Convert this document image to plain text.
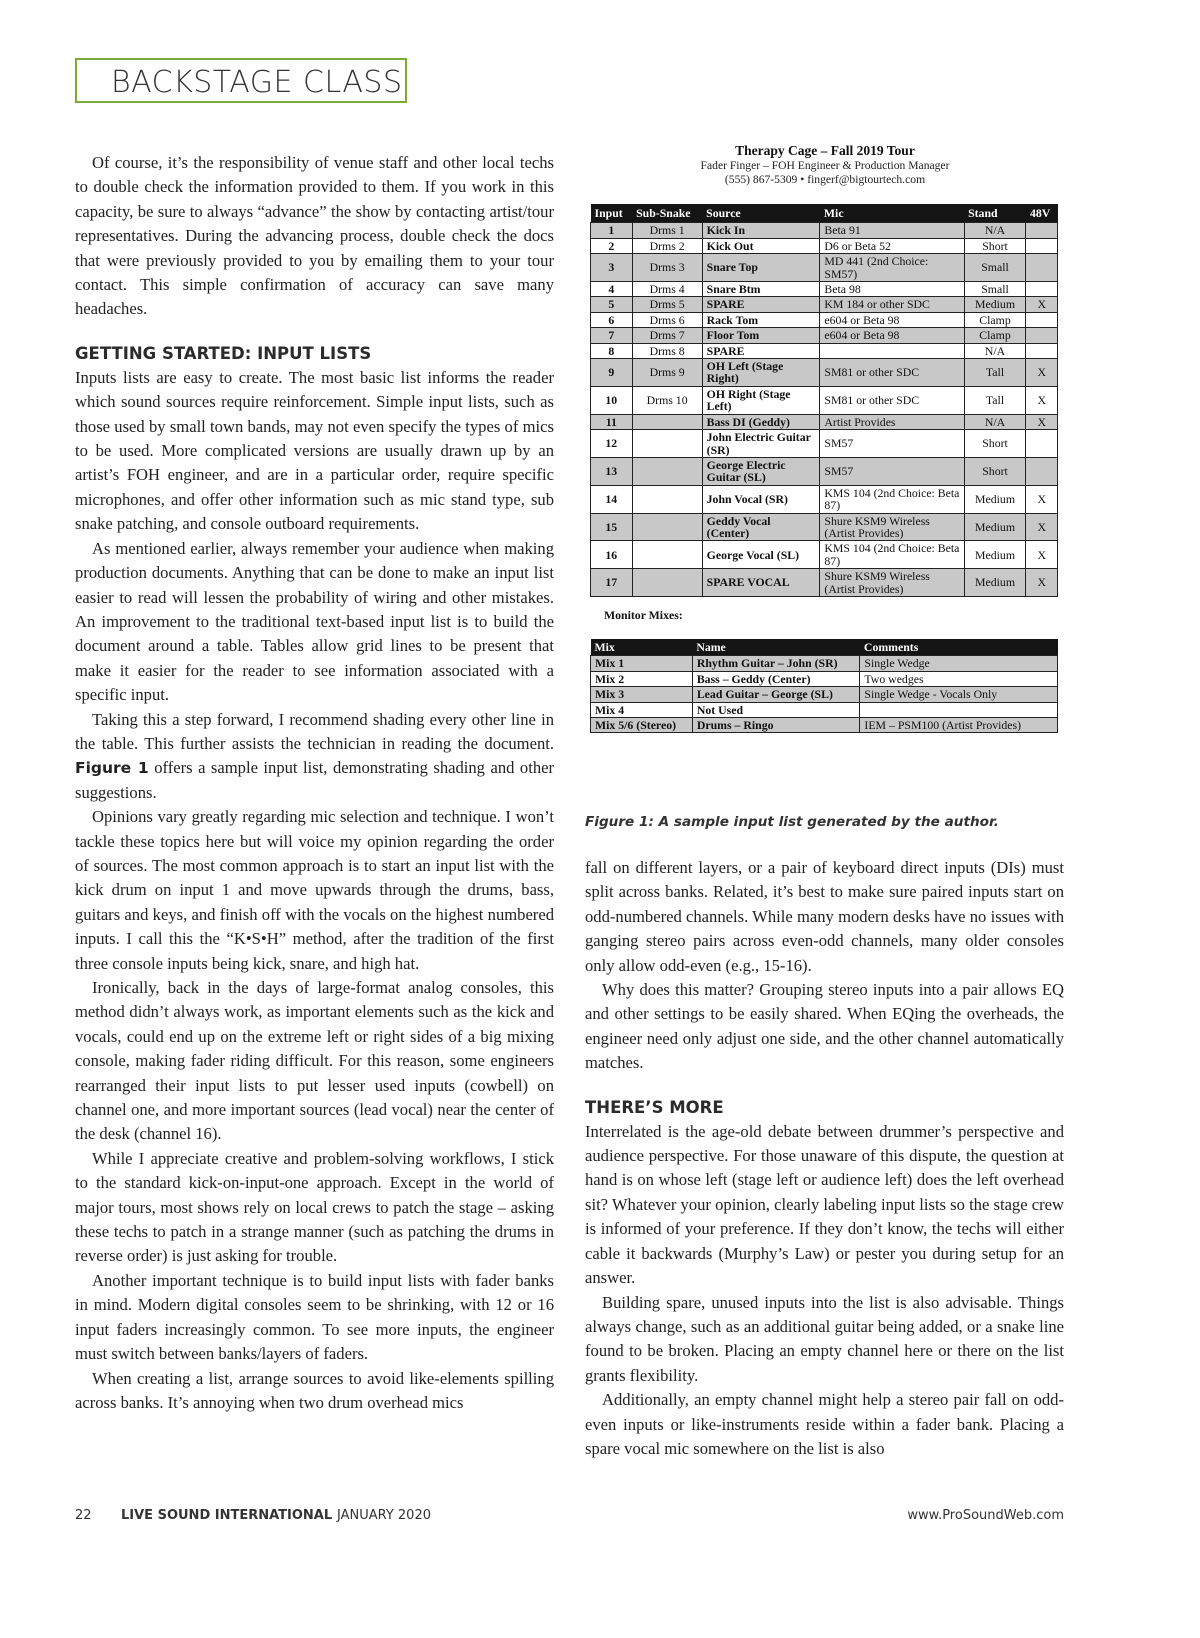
BACKSTAGE CLASS

Of course, it’s the responsibility of venue staff and other local techs to double check the information provided to them. If you work in this capacity, be sure to always “advance” the show by contacting artist/tour representatives. During the advancing process, double check the docs that were previously provided to you by emailing them to your tour contact. This simple confirmation of accuracy can save many headaches.

GETTING STARTED: INPUT LISTS

Inputs lists are easy to create. The most basic list informs the reader which sound sources require reinforcement. Simple input lists, such as those used by small town bands, may not even specify the types of mics to be used. More complicated versions are usually drawn up by an artist’s FOH engineer, and are in a particular order, require specific microphones, and offer other information such as mic stand type, sub snake patching, and console outboard requirements.

As mentioned earlier, always remember your audience when making production documents. Anything that can be done to make an input list easier to read will lessen the probability of wiring and other mistakes. An improvement to the traditional text-based input list is to build the document around a table. Tables allow grid lines to be present that make it easier for the reader to see information associated with a specific input.

Taking this a step forward, I recommend shading every other line in the table. This further assists the technician in reading the document. Figure 1 offers a sample input list, demonstrating shading and other suggestions.

Opinions vary greatly regarding mic selection and technique. I won’t tackle these topics here but will voice my opinion regarding the order of sources. The most common approach is to start an input list with the kick drum on input 1 and move upwards through the drums, bass, guitars and keys, and finish off with the vocals on the highest numbered inputs. I call this the “K•S•H” method, after the tradition of the first three console inputs being kick, snare, and high hat.

Ironically, back in the days of large-format analog consoles, this method didn’t always work, as important elements such as the kick and vocals, could end up on the extreme left or right sides of a big mixing console, making fader riding difficult. For this reason, some engineers rearranged their input lists to put lesser used inputs (cowbell) on channel one, and more important sources (lead vocal) near the center of the desk (channel 16).

While I appreciate creative and problem-solving workflows, I stick to the standard kick-on-input-one approach. Except in the world of major tours, most shows rely on local crews to patch the stage – asking these techs to patch in a strange manner (such as patching the drums in reverse order) is just asking for trouble.

Another important technique is to build input lists with fader banks in mind. Modern digital consoles seem to be shrinking, with 12 or 16 input faders increasingly common. To see more inputs, the engineer must switch between banks/layers of faders.

When creating a list, arrange sources to avoid like-elements spilling across banks. It’s annoying when two drum overhead mics

Therapy Cage – Fall 2019 Tour
Fader Finger – FOH Engineer & Production Manager
(555) 867-5309 • fingerf@bigtourtech.com
Input	Sub-Snake	Source	Mic	Stand	48V
1	Drms 1	Kick In	Beta 91	N/A	
2	Drms 2	Kick Out	D6 or Beta 52	Short	
3	Drms 3	Snare Top	MD 441 (2nd Choice: SM57)	Small	
4	Drms 4	Snare Btm	Beta 98	Small	
5	Drms 5	SPARE	KM 184 or other SDC	Medium	X
6	Drms 6	Rack Tom	e604 or Beta 98	Clamp	
7	Drms 7	Floor Tom	e604 or Beta 98	Clamp	
8	Drms 8	SPARE		N/A	
9	Drms 9	OH Left (Stage Right)	SM81 or other SDC	Tall	X
10	Drms 10	OH Right (Stage Left)	SM81 or other SDC	Tall	X
11		Bass DI (Geddy)	Artist Provides	N/A	X
12		John Electric Guitar (SR)	SM57	Short	
13		George Electric Guitar (SL)	SM57	Short	
14		John Vocal (SR)	KMS 104 (2nd Choice: Beta 87)	Medium	X
15		Geddy Vocal (Center)	Shure KSM9 Wireless (Artist Provides)	Medium	X
16		George Vocal (SL)	KMS 104 (2nd Choice: Beta 87)	Medium	X
17		SPARE VOCAL	Shure KSM9 Wireless (Artist Provides)	Medium	X
Monitor Mixes:
Mix	Name	Comments
Mix 1	Rhythm Guitar – John (SR)	Single Wedge
Mix 2	Bass – Geddy (Center)	Two wedges
Mix 3	Lead Guitar – George (SL)	Single Wedge - Vocals Only
Mix 4	Not Used	
Mix 5/6 (Stereo)	Drums – Ringo	IEM – PSM100 (Artist Provides)
Figure 1: A sample input list generated by the author.

fall on different layers, or a pair of keyboard direct inputs (DIs) must split across banks. Related, it’s best to make sure paired inputs start on odd-numbered channels. While many modern desks have no issues with ganging stereo pairs across even-odd channels, many older consoles only allow odd-even (e.g., 15-16).

Why does this matter? Grouping stereo inputs into a pair allows EQ and other settings to be easily shared. When EQing the overheads, the engineer need only adjust one side, and the other channel automatically matches.

THERE’S MORE

Interrelated is the age-old debate between drummer’s perspective and audience perspective. For those unaware of this dispute, the question at hand is on whose left (stage left or audience left) does the left overhead sit? Whatever your opinion, clearly labeling input lists so the stage crew is informed of your preference. If they don’t know, the techs will either cable it backwards (Murphy’s Law) or pester you during setup for an answer.

Building spare, unused inputs into the list is also advisable. Things always change, such as an additional guitar being added, or a snake line found to be broken. Placing an empty channel here or there on the list grants flexibility.

Additionally, an empty channel might help a stereo pair fall on odd-even inputs or like-instruments reside within a fader bank. Placing a spare vocal mic somewhere on the list is also

22 LIVE SOUND INTERNATIONAL JANUARY 2020	www.ProSoundWeb.com
